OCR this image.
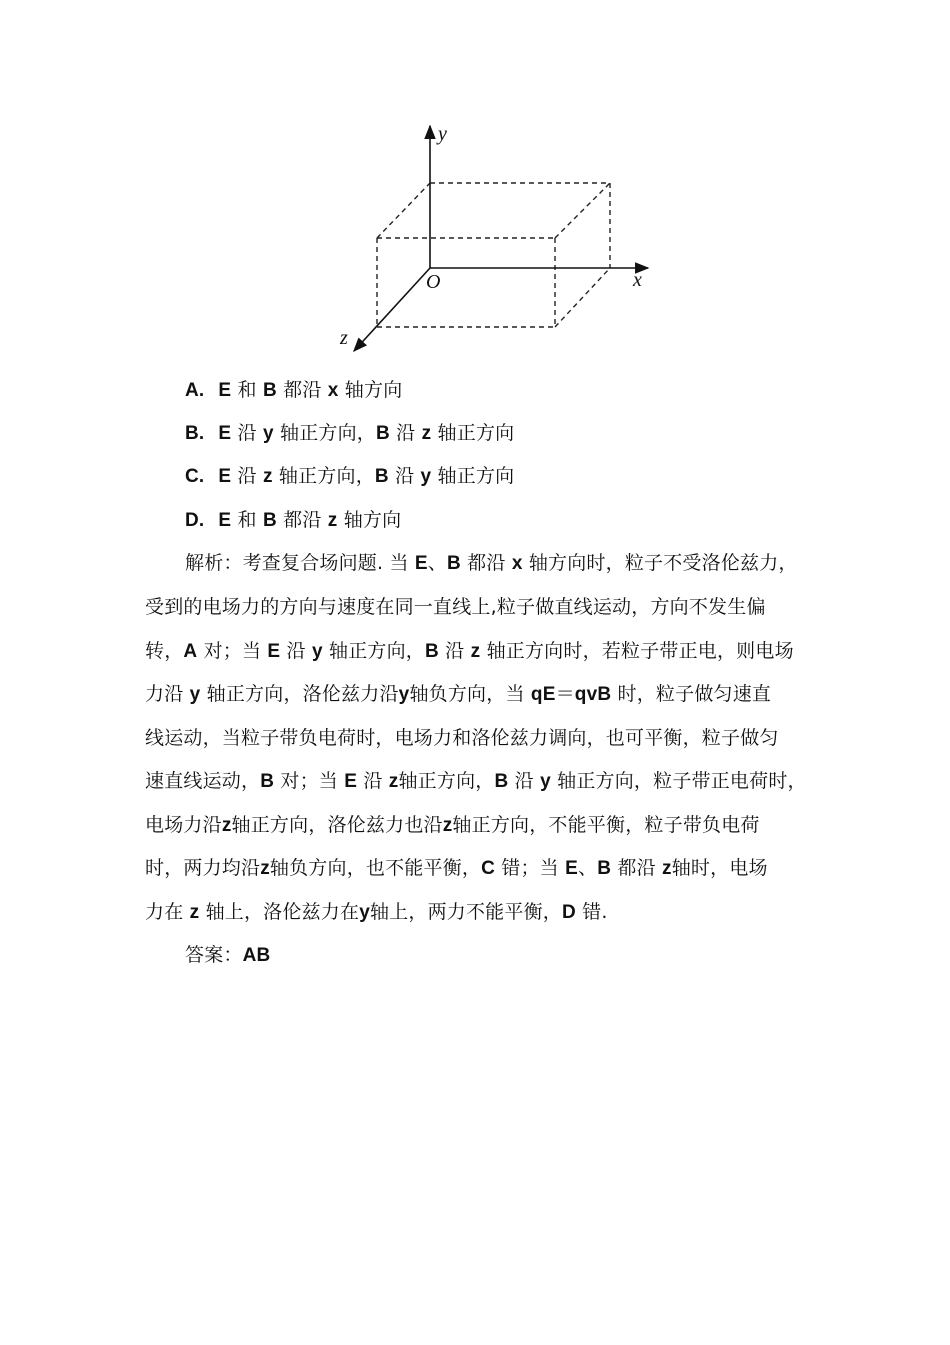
y
x
z
O

A. E 和 B 都沿 x 轴方向

B. E 沿 y 轴正方向，B 沿 z 轴正方向

C. E 沿 z 轴正方向，B 沿 y 轴正方向

D. E 和 B 都沿 z 轴方向

解析：考查复合场问题. 当 E、B 都沿 x 轴方向时，粒子不受洛伦兹力，

受到的电场力的方向与速度在同一直线上,粒子做直线运动，方向不发生偏

转，A 对；当 E 沿 y 轴正方向，B 沿 z 轴正方向时，若粒子带正电，则电场

力沿 y 轴正方向，洛伦兹力沿y轴负方向，当 qE＝qvB 时，粒子做匀速直

线运动，当粒子带负电荷时，电场力和洛伦兹力调向，也可平衡，粒子做匀

速直线运动，B 对；当 E 沿 z轴正方向，B 沿 y 轴正方向，粒子带正电荷时，

电场力沿z轴正方向，洛伦兹力也沿z轴正方向，不能平衡，粒子带负电荷

时，两力均沿z轴负方向，也不能平衡，C 错；当 E、B 都沿 z轴时，电场

力在 z 轴上，洛伦兹力在y轴上，两力不能平衡，D 错.

答案：AB
